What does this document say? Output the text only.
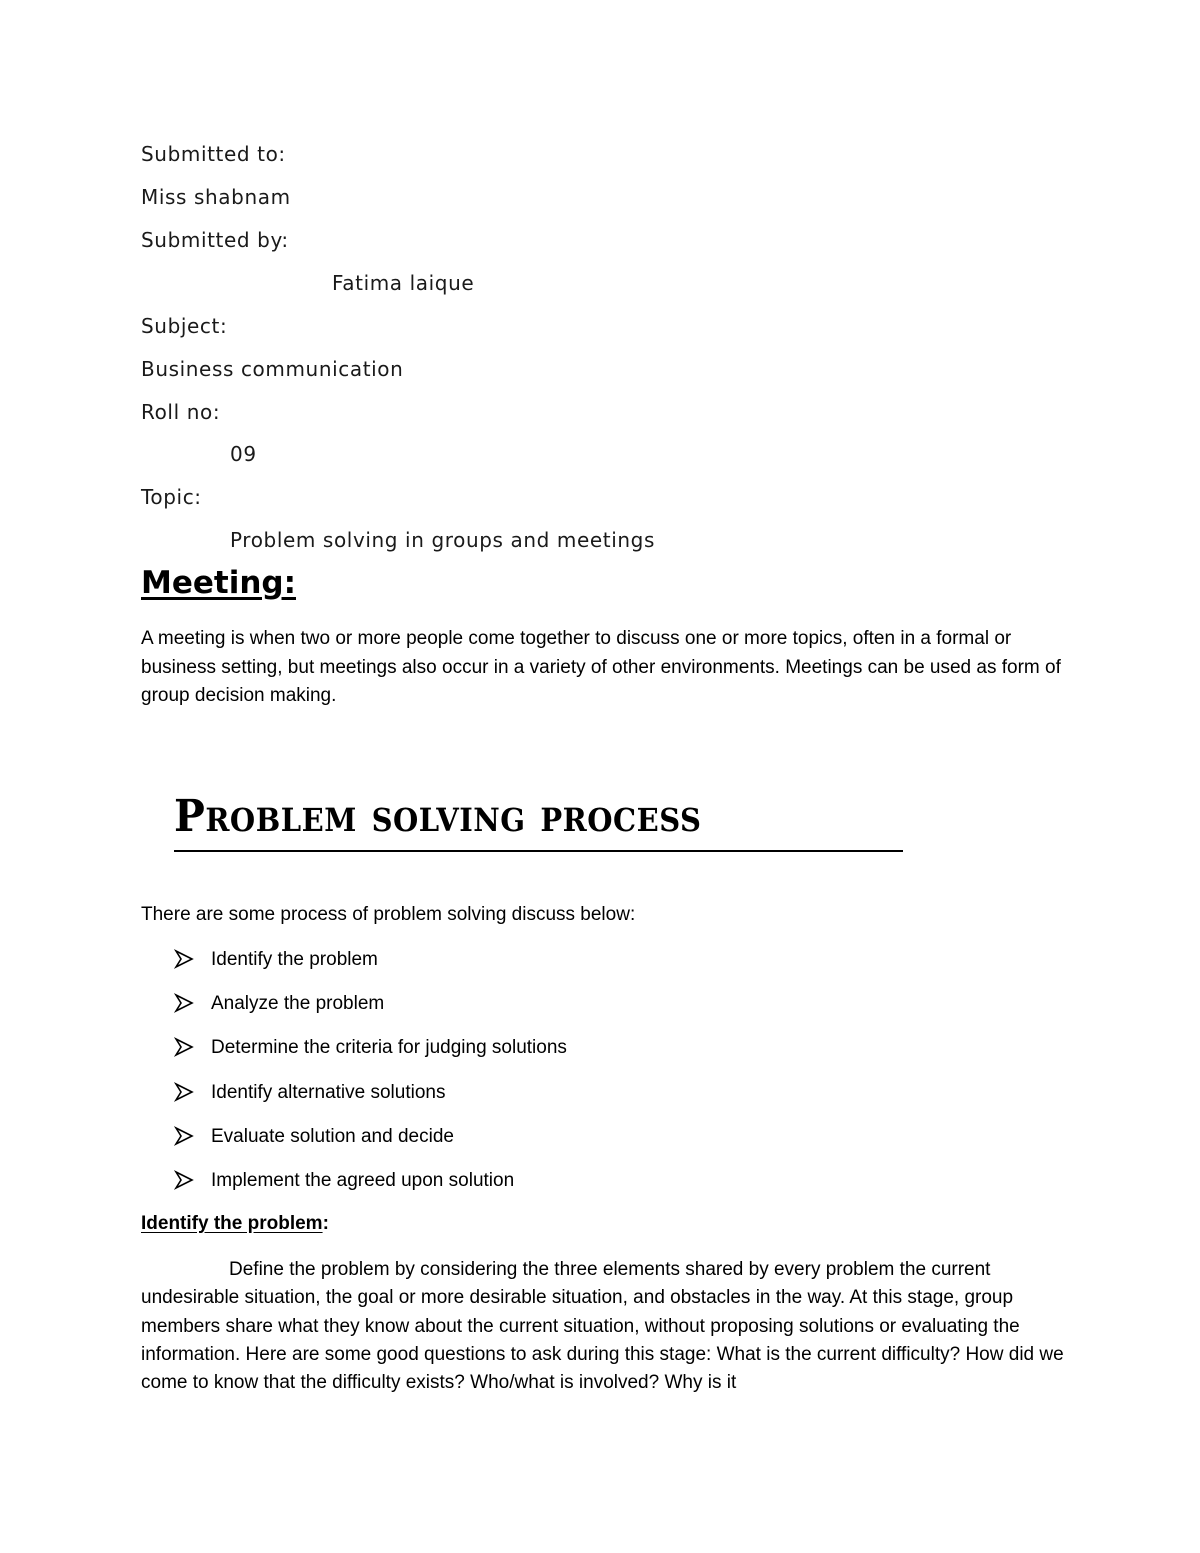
Submitted to:
Miss shabnam
Submitted by:
Fatima laique
Subject:
Business communication
Roll no:
09
Topic:
Problem solving in groups and meetings
Meeting:
A meeting is when two or more people come together to discuss one or more topics, often in a formal or business setting, but meetings also occur in a variety of other environments. Meetings can be used as form of group decision making.
Problem solving process
There are some process of problem solving discuss below:
Identify the problem
Analyze the problem
Determine the criteria for judging solutions
Identify alternative solutions
Evaluate solution and decide
Implement the agreed upon solution
Identify the problem:
Define the problem by considering the three elements shared by every problem the current undesirable situation, the goal or more desirable situation, and obstacles in the way. At this stage, group members share what they know about the current situation, without proposing solutions or evaluating the information. Here are some good questions to ask during this stage: What is the current difficulty? How did we come to know that the difficulty exists? Who/what is involved? Why is it
